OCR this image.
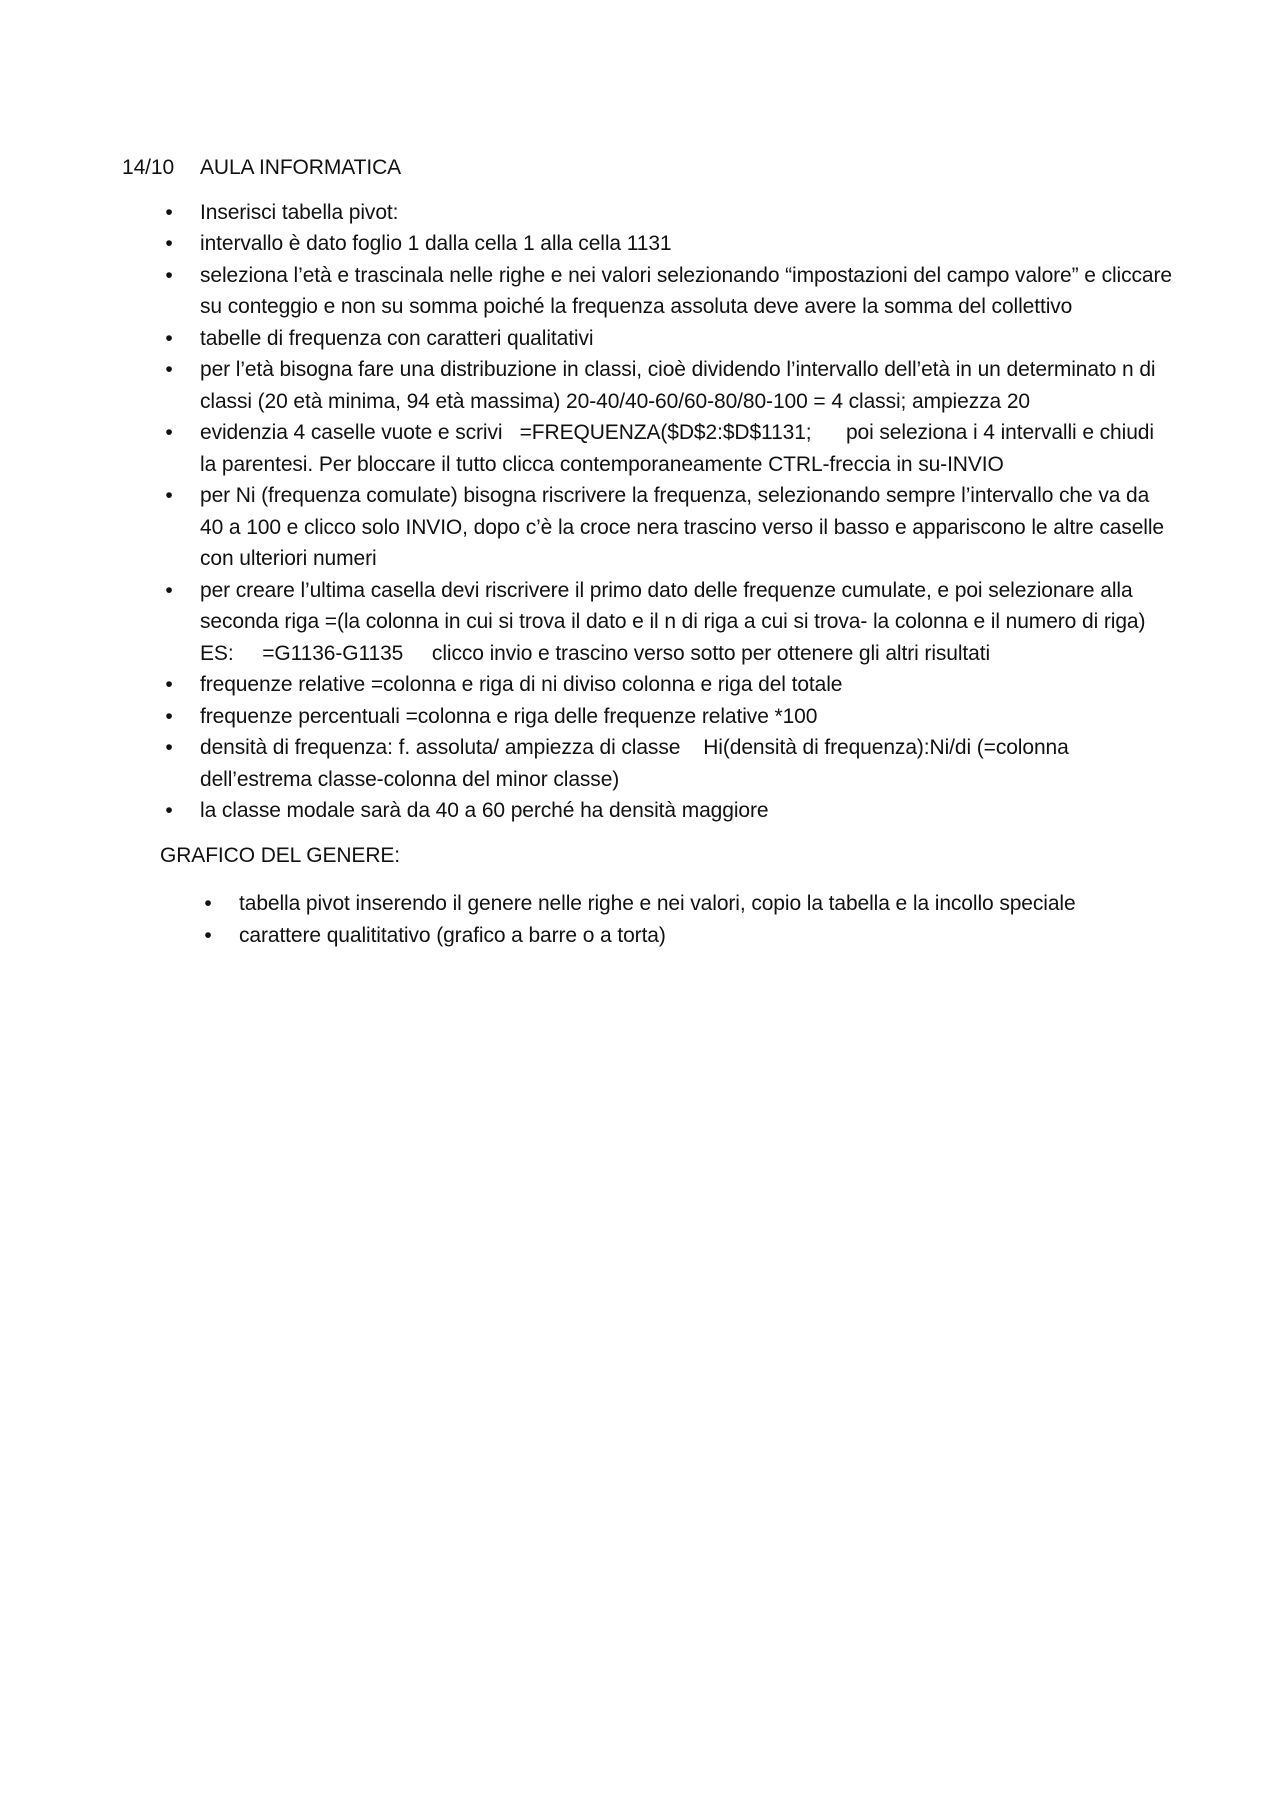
14/10 AULA INFORMATICA

• Inserisci tabella pivot:
• intervallo è dato foglio 1 dalla cella 1 alla cella 1131
• seleziona l’età e trascinala nelle righe e nei valori selezionando “impostazioni del campo valore” e cliccare su conteggio e non su somma poiché la frequenza assoluta deve avere la somma del collettivo
• tabelle di frequenza con caratteri qualitativi
• per l’età bisogna fare una distribuzione in classi, cioè dividendo l’intervallo dell’età in un determinato n di classi (20 età minima, 94 età massima) 20-40/40-60/60-80/80-100 = 4 classi; ampiezza 20
• evidenzia 4 caselle vuote e scrivi   =FREQUENZA($D$2:$D$1131;      poi seleziona i 4 intervalli e chiudi la parentesi. Per bloccare il tutto clicca contemporaneamente CTRL-freccia in su-INVIO
• per Ni (frequenza comulate) bisogna riscrivere la frequenza, selezionando sempre l’intervallo che va da 40 a 100 e clicco solo INVIO, dopo c’è la croce nera trascino verso il basso e appariscono le altre caselle con ulteriori numeri
• per creare l’ultima casella devi riscrivere il primo dato delle frequenze cumulate, e poi selezionare alla seconda riga =(la colonna in cui si trova il dato e il n di riga a cui si trova- la colonna e il numero di riga) ES:     =G1136-G1135     clicco invio e trascino verso sotto per ottenere gli altri risultati
• frequenze relative =colonna e riga di ni diviso colonna e riga del totale
• frequenze percentuali =colonna e riga delle frequenze relative *100
• densità di frequenza: f. assoluta/ ampiezza di classe    Hi(densità di frequenza):Ni/di (=colonna dell’estrema classe-colonna del minor classe)
• la classe modale sarà da 40 a 60 perché ha densità maggiore

GRAFICO DEL GENERE:

• tabella pivot inserendo il genere nelle righe e nei valori, copio la tabella e la incollo speciale
• carattere qualititativo (grafico a barre o a torta)
